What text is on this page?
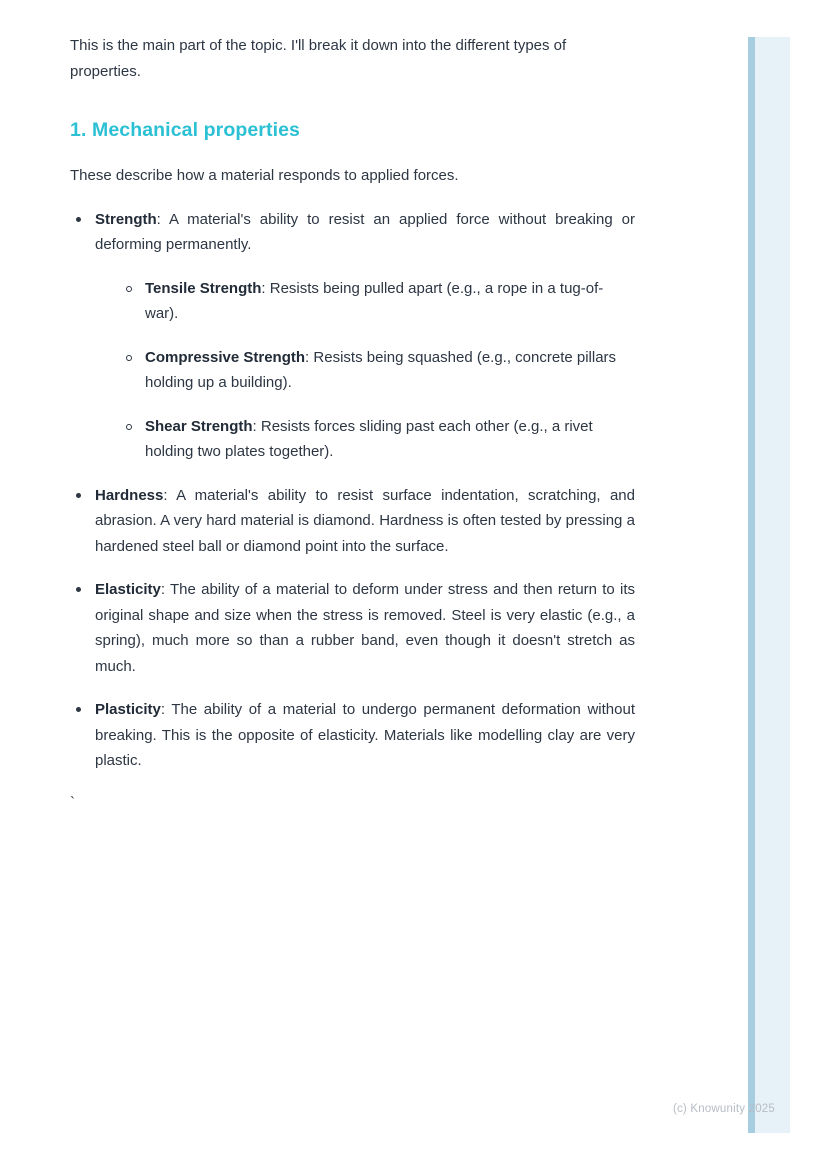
This is the main part of the topic. I'll break it down into the different types of properties.

1. Mechanical properties

These describe how a material responds to applied forces.

Strength: A material's ability to resist an applied force without breaking or deforming permanently.

Tensile Strength: Resists being pulled apart (e.g., a rope in a tug-of-war).

Compressive Strength: Resists being squashed (e.g., concrete pillars holding up a building).

Shear Strength: Resists forces sliding past each other (e.g., a rivet holding two plates together).

Hardness: A material's ability to resist surface indentation, scratching, and abrasion. A very hard material is diamond. Hardness is often tested by pressing a hardened steel ball or diamond point into the surface.

Elasticity: The ability of a material to deform under stress and then return to its original shape and size when the stress is removed. Steel is very elastic (e.g., a spring), much more so than a rubber band, even though it doesn't stretch as much.

Plasticity: The ability of a material to undergo permanent deformation without breaking. This is the opposite of elasticity. Materials like modelling clay are very plastic.

`
(c) Knowunity 2025
